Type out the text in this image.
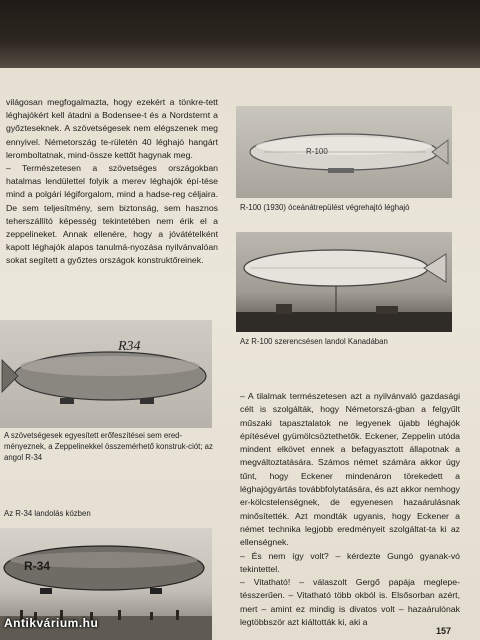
világosan megfogalmazta, hogy ezekért a tönkre-tett léghajókért kell átadni a Bodensee-t és a Nordsternt a győzteseknek. A szövetségesek nem elégszenek meg ennyivel. Németország te-rületén 40 léghajó hangárt leromboltatnak, mind-össze kettőt hagynak meg.

– Természetesen a szövetséges országokban hatalmas lendülettel folyik a merev léghajók épí-tése mind a polgári légiforgalom, mind a hadse-reg céljaira. De sem teljesítmény, sem biztonság, sem hasznos teherszállító képesség tekintetében nem érik el a zeppelineket. Annak ellenére, hogy a jóvátételként kapott léghajók alapos tanulmá-nyozása nyilvánvalóan sokat segített a győztes országok konstruktőreinek.

R-100
R-100 (1930) óceánátrepülést végrehajtó léghajó
Az R-100 szerencsésen landol Kanadában
R34
A szövetségesek egyesített erőfeszítései sem ered-ményeznek, a Zeppelinekkel összemérhető konstruk-ciót; az angol R-34
Az R-34 landolás közben
R-34

– A tilalmak természetesen azt a nyilvánvaló gazdasági célt is szolgálták, hogy Németorszá-gban a felgyűlt műszaki tapasztalatok ne legyenek újabb léghajók építésével gyümölcsöztethetők. Eckener, Zeppelin utóda mindent elkövet ennek a befagyasztott állapotnak a megváltoztatására. Számos német számára akkor úgy tűnt, hogy Eckener mindenáron törekedett a léghajógyártás továbbfolytatására, és azt akkor nemhogy er-kölcstelenségnek, de egyenesen hazaárulásnak minősítették. Azt mondták ugyanis, hogy Eckener a német technika legjobb eredményeit szolgáltat-ta ki az ellenségnek.

– És nem így volt? – kérdezte Gungó gyanak-vó tekintettel.

– Vitatható! – válaszolt Gergő papája meglepe-tésszerűen. – Vitatható több okból is. Elsősorban azért, mert – amint ez mindig is divatos volt – hazaárulónak legtöbbször azt kiáltották ki, aki a

157
Antikvárium.hu
